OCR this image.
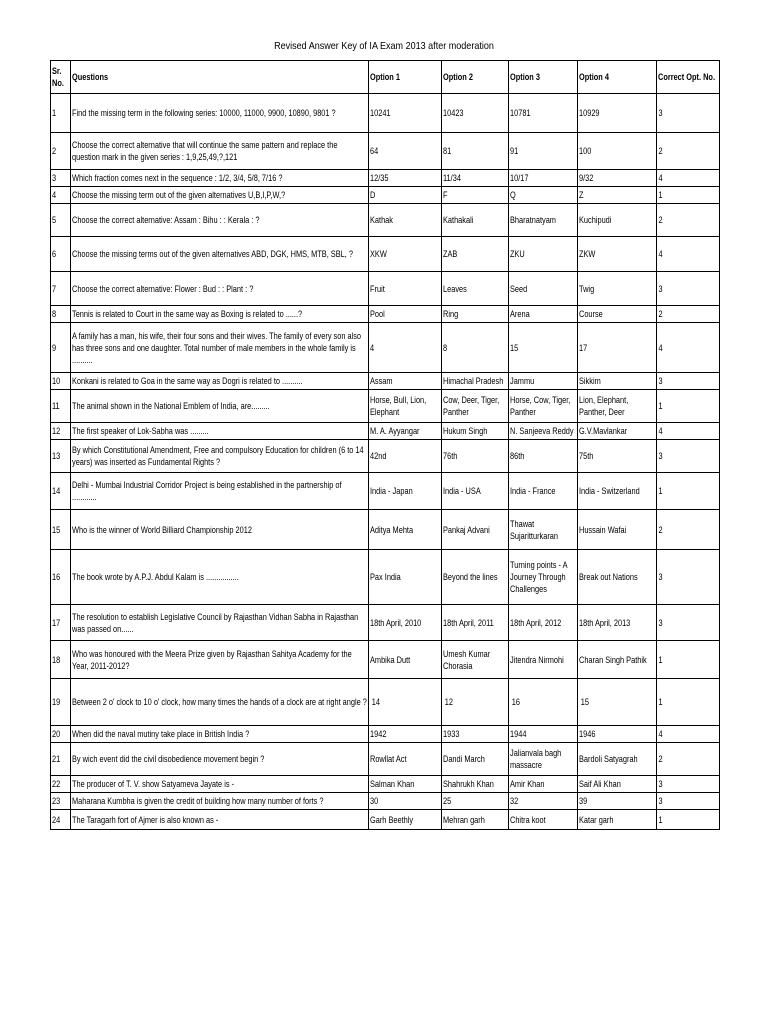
Revised Answer Key of IA Exam 2013 after moderation
Sr. No.	Questions	Option 1	Option 2	Option 3	Option 4	Correct Opt. No.
1	Find the missing term in the following series: 10000, 11000, 9900, 10890, 9801 ?	10241	10423	10781	10929	3
2	Choose the correct alternative that will continue the same pattern and replace the question mark in the given series : 1,9,25,49,?,121	64	81	91	100	2
3	Which fraction comes next in the sequence : 1/2, 3/4, 5/8, 7/16 ?	12/35	11/34	10/17	9/32	4
4	Choose the missing term out of the given alternatives U,B,I,P,W,?	D	F	Q	Z	1
5	Choose the correct alternative: Assam : Bihu : : Kerala : ?	Kathak	Kathakali	Bharatnatyam	Kuchipudi	2
6	Choose the missing terms out of the given alternatives ABD, DGK, HMS, MTB, SBL, ?	XKW	ZAB	ZKU	ZKW	4
7	Choose the correct alternative: Flower : Bud : : Plant : ?	Fruit	Leaves	Seed	Twig	3
8	Tennis is related to Court in the same way as Boxing is related to ......?	Pool	Ring	Arena	Course	2
9	A family has a man, his wife, their four sons and their wives. The family of every son also has three sons and one daughter. Total number of male members in the whole family is ..........	4	8	15	17	4
10	Konkani is related to Goa in the same way as Dogri is related to ..........	Assam	Himachal Pradesh	Jammu	Sikkim	3
11	The animal shown in the National Emblem of India, are.........	Horse, Bull, Lion, Elephant	Cow, Deer, Tiger, Panther	Horse, Cow, Tiger, Panther	Lion, Elephant, Panther, Deer	1
12	The first speaker of Lok-Sabha was .........	M. A. Ayyangar	Hukum Singh	N. Sanjeeva Reddy	G.V.Mavlankar	4
13	By which Constitutional Amendment, Free and compulsory Education for children (6 to 14 years) was inserted as Fundamental Rights ?	42nd	76th	86th	75th	3
14	Delhi - Mumbai Industrial Corridor Project is being established in the partnership of ............	India - Japan	India - USA	India - France	India - Switzerland	1
15	Who is the winner of World Billiard Championship 2012	Aditya Mehta	Pankaj Advani	Thawat Sujaritturkaran	Hussain Wafai	2
16	The book wrote by A.P.J. Abdul Kalam is ................	Pax India	Beyond the lines	Turning points - A Journey Through Challenges	Break out Nations	3
17	The resolution to establish Legislative Council by Rajasthan Vidhan Sabha in Rajasthan was passed on......	18th April, 2010	18th April, 2011	18th April, 2012	18th April, 2013	3
18	Who was honoured with the Meera Prize given by Rajasthan Sahitya Academy for the Year, 2011-2012?	Ambika Dutt	Umesh Kumar Chorasia	Jitendra Nirmohi	Charan Singh Pathik	1
19	Between 2 o' clock to 10 o' clock, how many times the hands of a clock are at right angle ?	14	12	16	15	1
20	When did the naval mutiny take place in British India ?	1942	1933	1944	1946	4
21	By wich event did the civil disobedience movement begin ?	Rowllat Act	Dandi March	Jalianvala bagh massacre	Bardoli Satyagrah	2
22	The producer of T. V. show Satyameva Jayate is -	Salman Khan	Shahrukh Khan	Amir Khan	Saif Ali Khan	3
23	Maharana Kumbha is given the credit of building how many number of forts ?	30	25	32	39	3
24	The Taragarh fort of Ajmer is also known as -	Garh Beethly	Mehran garh	Chitra koot	Katar garh	1
